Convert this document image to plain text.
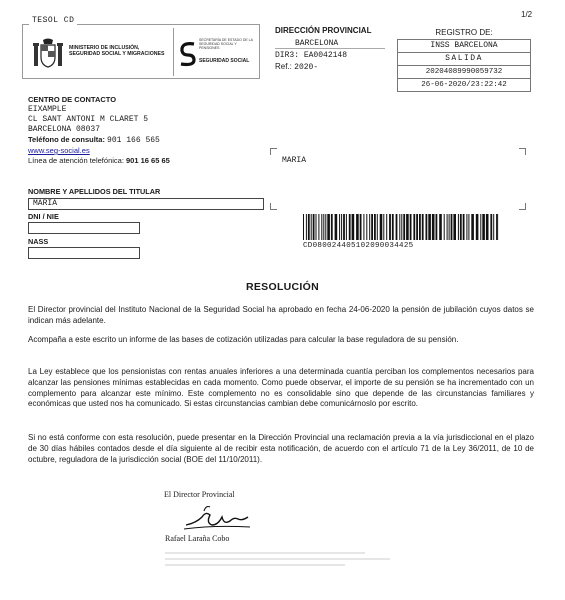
1/2
TESOL CD
MINISTERIO DE INCLUSIÓN, SEGURIDAD SOCIAL Y MIGRACIONES
SECRETARÍA DE ESTADO DE LA SEGURIDAD SOCIAL Y PENSIONES
SEGURIDAD SOCIAL
DIRECCIÓN PROVINCIAL
BARCELONA
DIR3: EA0042148
Ref.: 2020-
REGISTRO DE:
INSS BARCELONA
SALIDA
20204089990059732
26-06-2020/23:22:42
CENTRO DE CONTACTO
EIXAMPLE
CL SANT ANTONI M CLARET 5
BARCELONA 08037
Teléfono de consulta: 901 166 565
www.seg-social.es
Línea de atención telefónica: 901 16 65 65	MARIA
NOMBRE Y APELLIDOS DEL TITULAR
MARIA
DNI / NIE
NASS	CD080024405102090034425
RESOLUCIÓN
El Director provincial del Instituto Nacional de la Seguridad Social ha aprobado en fecha 24-06-2020 la pensión de jubilación cuyos datos se indican más adelante.
Acompaña a este escrito un informe de las bases de cotización utilizadas para calcular la base reguladora de su pensión.
La Ley establece que los pensionistas con rentas anuales inferiores a una determinada cuantía perciban los complementos necesarios para alcanzar las pensiones mínimas establecidas en cada momento. Como puede observar, el importe de su pensión se ha incrementado con un complemento para alcanzar este mínimo. Este complemento no es consolidable sino que depende de las circunstancias familiares y económicas que usted nos ha comunicado. Si estas circunstancias cambian debe comunicárnoslo por escrito.
Si no está conforme con esta resolución, puede presentar en la Dirección Provincial una reclamación previa a la vía jurisdiccional en el plazo de 30 días hábiles contados desde el día siguiente al de recibir esta notificación, de acuerdo con el artículo 71 de la Ley 36/2011, de 10 de octubre, reguladora de la jurisdicción social (BOE del 11/10/2011).
El Director Provincial
Rafael Laraña Cobo
